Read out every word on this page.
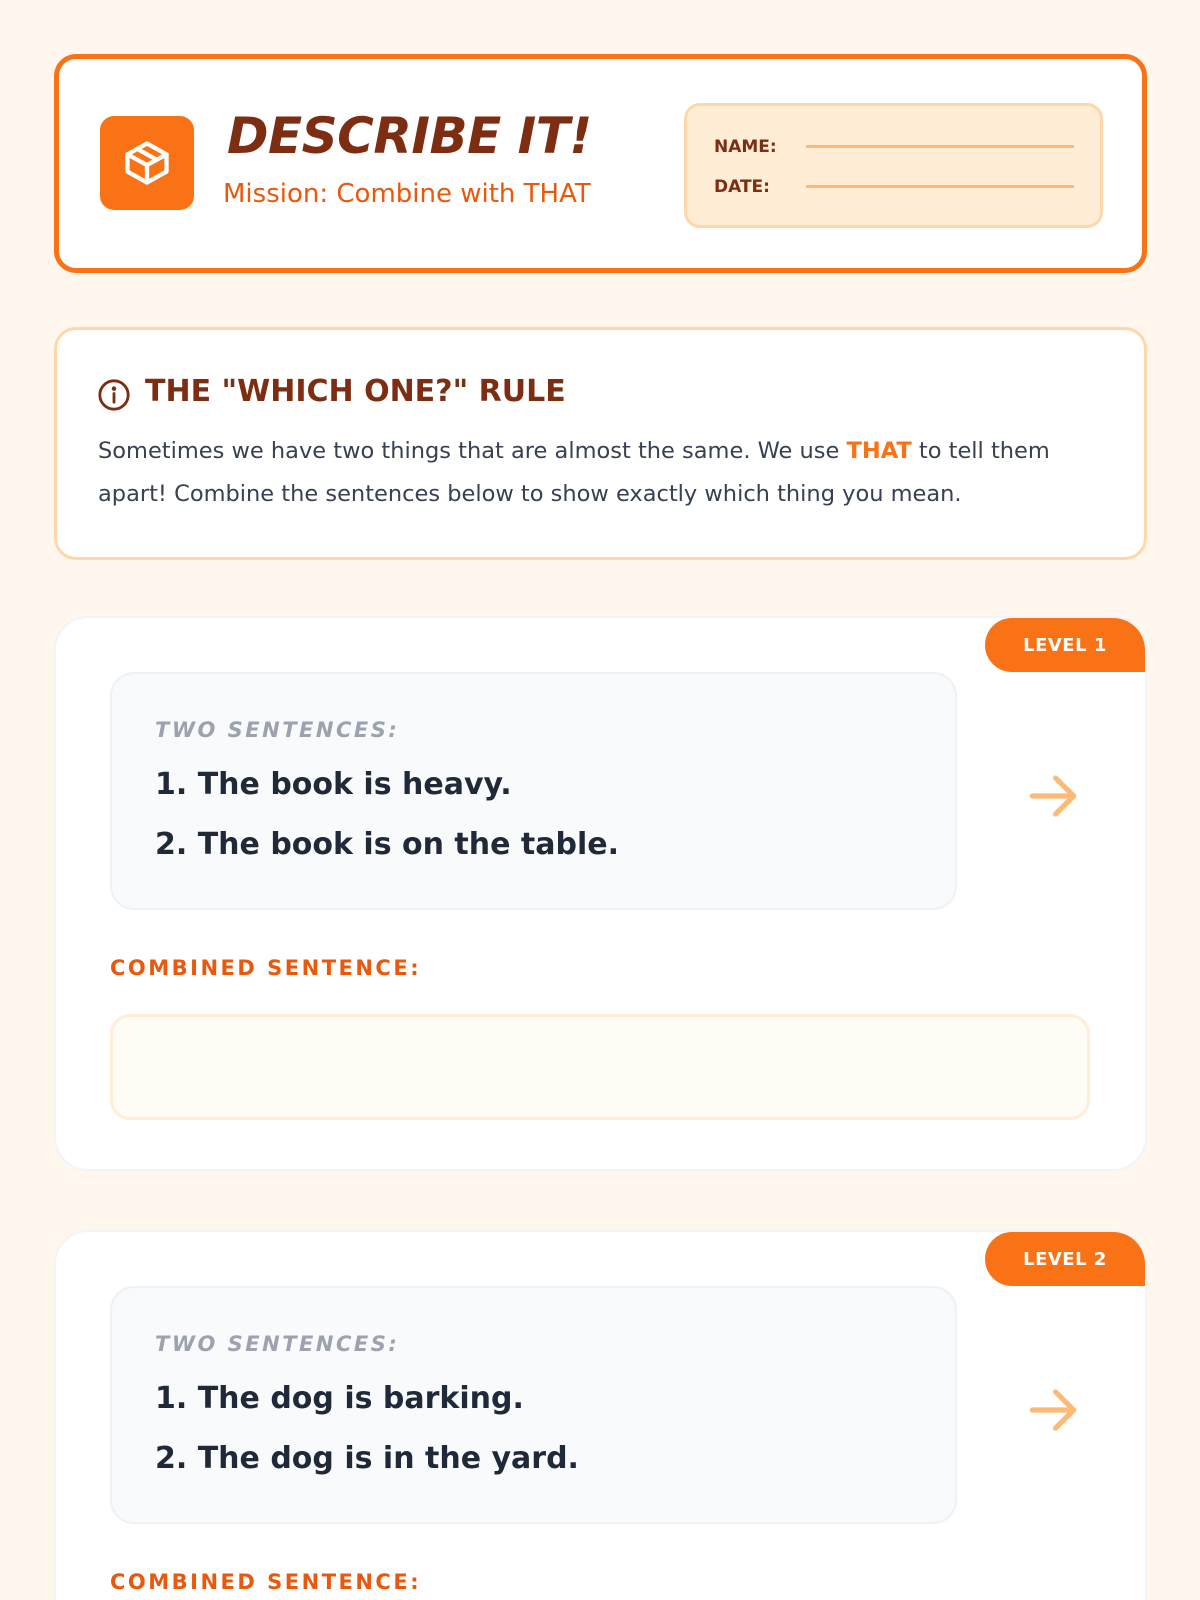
DESCRIBE IT!
Mission: Combine with THAT
NAME:
DATE:
THE "WHICH ONE?" RULE
Sometimes we have two things that are almost the same. We use THAT to tell them apart! Combine the sentences below to show exactly which thing you mean.
LEVEL 1
TWO SENTENCES:
1. The book is heavy.
2. The book is on the table.
COMBINED SENTENCE:
LEVEL 2
TWO SENTENCES:
1. The dog is barking.
2. The dog is in the yard.
COMBINED SENTENCE:
